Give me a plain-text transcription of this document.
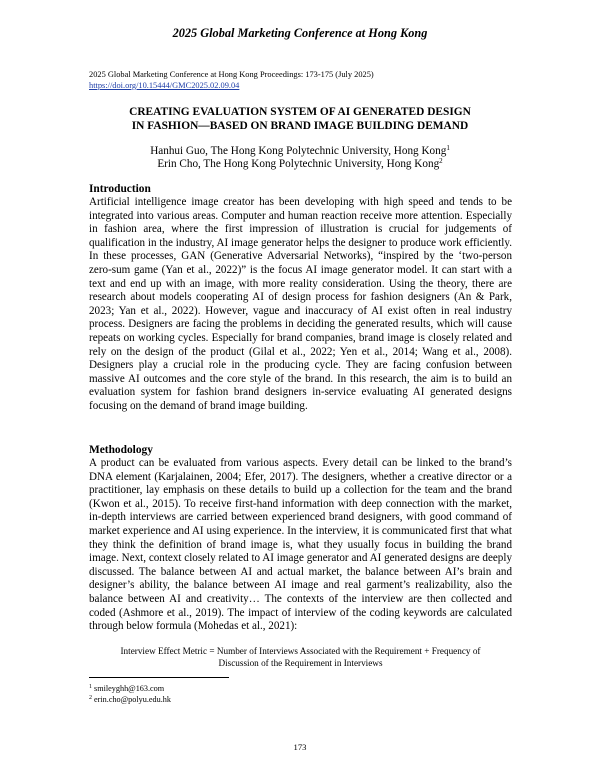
2025 Global Marketing Conference at Hong Kong
2025 Global Marketing Conference at Hong Kong Proceedings: 173-175 (July 2025)
https://doi.org/10.15444/GMC2025.02.09.04
CREATING EVALUATION SYSTEM OF AI GENERATED DESIGN
IN FASHION—BASED ON BRAND IMAGE BUILDING DEMAND
Hanhui Guo, The Hong Kong Polytechnic University, Hong Kong$^1$
Erin Cho, The Hong Kong Polytechnic University, Hong Kong$^2$
Introduction
Artificial intelligence image creator has been developing with high speed and tends to be integrated into various areas. Computer and human reaction receive more attention. Especially in fashion area, where the first impression of illustration is crucial for judgements of qualification in the industry, AI image generator helps the designer to produce work efficiently. In these processes, GAN (Generative Adversarial Networks), “inspired by the ‘two-person zero-sum game (Yan et al., 2022)” is the focus AI image generator model. It can start with a text and end up with an image, with more reality consideration. Using the theory, there are research about models cooperating AI of design process for fashion designers (An & Park, 2023; Yan et al., 2022). However, vague and inaccuracy of AI exist often in real industry process. Designers are facing the problems in deciding the generated results, which will cause repeats on working cycles. Especially for brand companies, brand image is closely related and rely on the design of the product (Gilal et al., 2022; Yen et al., 2014; Wang et al., 2008). Designers play a crucial role in the producing cycle. They are facing confusion between massive AI outcomes and the core style of the brand. In this research, the aim is to build an evaluation system for fashion brand designers in-service evaluating AI generated designs focusing on the demand of brand image building.
Methodology
A product can be evaluated from various aspects. Every detail can be linked to the brand’s DNA element (Karjalainen, 2004; Efer, 2017). The designers, whether a creative director or a practitioner, lay emphasis on these details to build up a collection for the team and the brand (Kwon et al., 2015). To receive first-hand information with deep connection with the market, in-depth interviews are carried between experienced brand designers, with good command of market experience and AI using experience. In the interview, it is communicated first that what they think the definition of brand image is, what they usually focus in building the brand image. Next, context closely related to AI image generator and AI generated designs are deeply discussed. The balance between AI and actual market, the balance between AI’s brain and designer’s ability, the balance between AI image and real garment’s realizability, also the balance between AI and creativity… The contexts of the interview are then collected and coded (Ashmore et al., 2019). The impact of interview of the coding keywords are calculated through below formula (Mohedas et al., 2021):
Interview Effect Metric = Number of Interviews Associated with the Requirement + Frequency of
Discussion of the Requirement in Interviews
$^1$ smileyghh@163.com
$^2$ erin.cho@polyu.edu.hk
173
